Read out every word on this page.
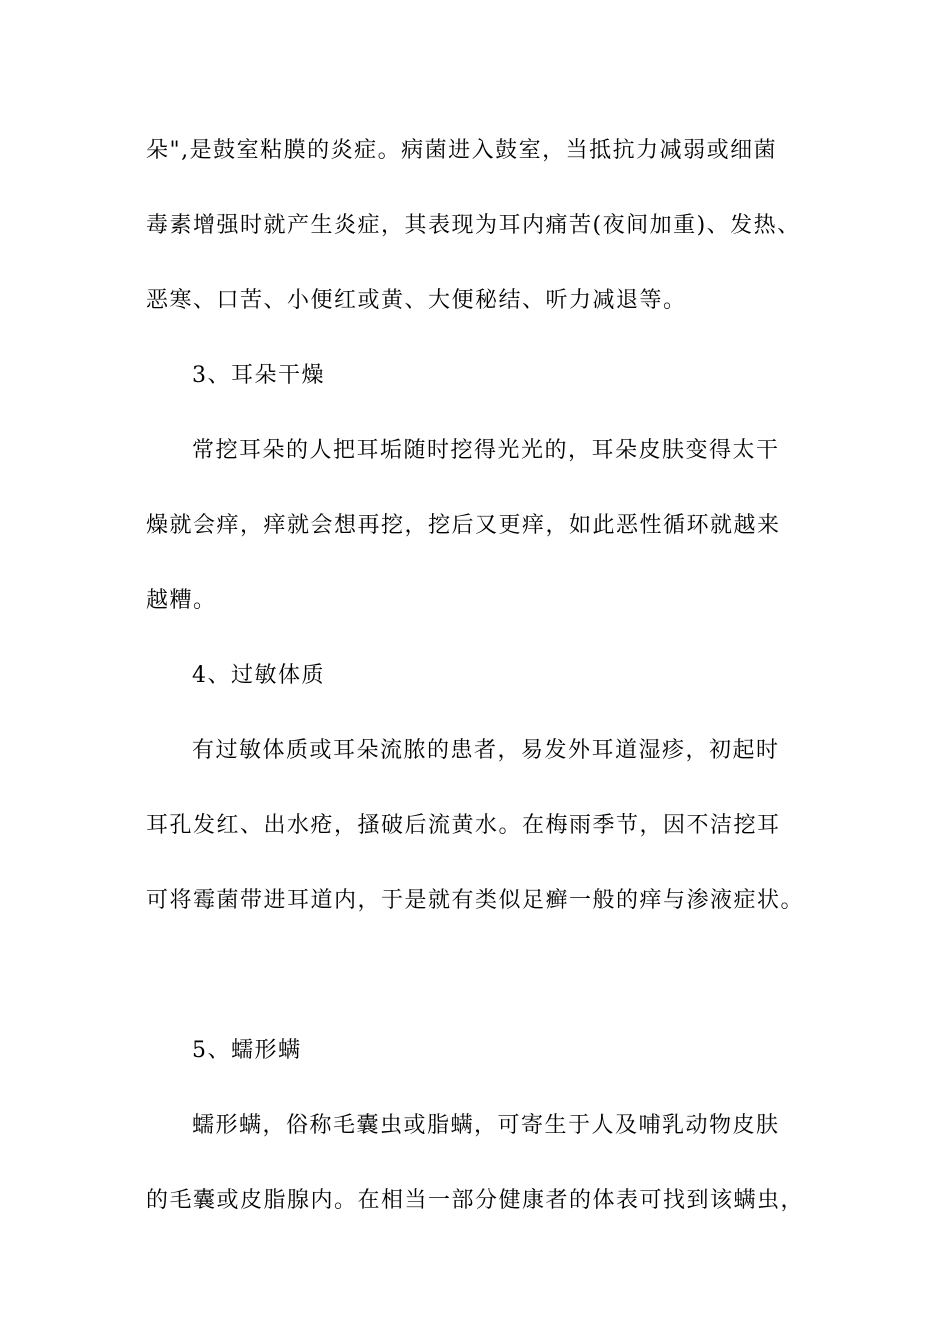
朵",是鼓室粘膜的炎症。病菌进入鼓室，当抵抗力减弱或细菌
毒素增强时就产生炎症，其表现为耳内痛苦(夜间加重)、发热、
恶寒、口苦、小便红或黄、大便秘结、听力减退等。
3、耳朵干燥
常挖耳朵的人把耳垢随时挖得光光的，耳朵皮肤变得太干
燥就会痒，痒就会想再挖，挖后又更痒，如此恶性循环就越来
越糟。
4、过敏体质
有过敏体质或耳朵流脓的患者，易发外耳道湿疹，初起时
耳孔发红、出水疮，搔破后流黄水。在梅雨季节，因不洁挖耳
可将霉菌带进耳道内，于是就有类似足癣一般的痒与渗液症状。
5、蠕形螨
蠕形螨，俗称毛囊虫或脂螨，可寄生于人及哺乳动物皮肤
的毛囊或皮脂腺内。在相当一部分健康者的体表可找到该螨虫，
